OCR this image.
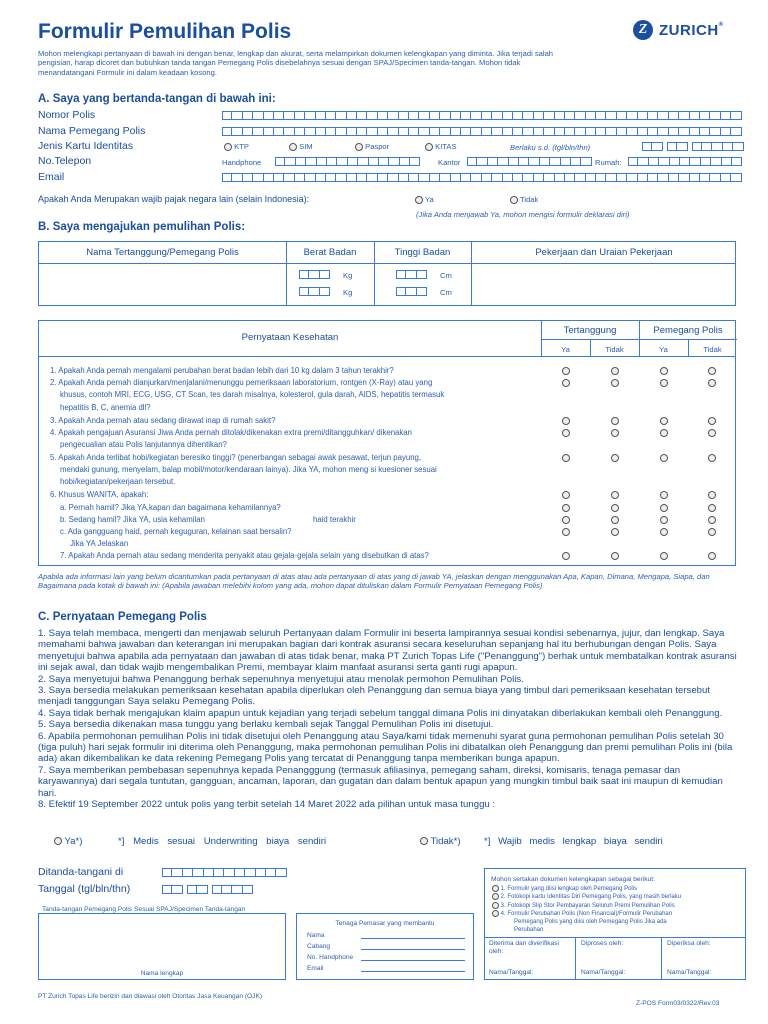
Formulir Pemulihan Polis
Mohon melengkapi pertanyaan di bawah ini dengan benar, lengkap dan akurat, serta melampirkan dokumen kelengkapan yang diminta. Jika terjadi salah pengisian, harap dicoret dan bubuhkan tanda tangan Pemegang Polis disebelahnya sesuai dengan SPAJ/Specimen tanda-tangan. Mohon tidak menandatangani Formulir ini dalam keadaan kosong.
Z ZURICH®
A. Saya yang bertanda-tangan di bawah ini:
Nomor Polis
Nama Pemegang Polis
Jenis Kartu Identitas	KTP	SIM	Paspor	KITAS	Berlaku s.d. (tgl/bln/thn)
No.Telepon	Handphone	Kantor	Rumah:
Email
Apakah Anda Merupakan wajib pajak negara lain (selain Indonesia):	Ya	Tidak
(Jika Anda menjawab Ya, mohon mengisi formulir deklarasi diri)
B. Saya mengajukan pemulihan Polis:
Nama Tertanggung/Pemegang Polis	Berat Badan	Tinggi Badan	Pekerjaan dan Uraian Pekerjaan
Kg
Kg
Cm
Cm
Pernyataan Kesehatan
Tertanggung	Pemegang Polis
Ya	Tidak	Ya	Tidak
1. Apakah Anda pernah mengalami perubahan berat badan lebih dari 10 kg dalam 3 tahun terakhir?
2. Apakah Anda pernah dianjurkan/menjalani/menunggu pemeriksaan laboratorium, rontgen (X-Ray) atau yang
khusus, contoh MRI, ECG, USG, CT Scan, tes darah misalnya, kolesterol, gula darah, AIDS, hepatitis termasuk
hepatitis B, C, anemia dll?
3. Apakah Anda pernah atau sedang dirawat inap di rumah sakit?
4. Apakah pengajuan Asuransi Jiwa Anda pernah ditolak/dikenakan extra premi/ditangguhkan/ dikenakan
pengecualian atau Polis lanjutannya dihentikan?
5. Apakah Anda terlibat hobi/kegiatan beresiko tinggi? (penerbangan sebagai awak pesawat, terjun payung,
mendaki gunung, menyelam, balap mobil/motor/kendaraan lainya). Jika YA, mohon meng si kuesioner sesuai
hobi/kegiatan/pekerjaan tersebut.
6. Khusus WANITA, apakah:
a. Pernah hamil? Jika YA,kapan dan bagaimana kehamilannya?
b. Sedang hamil? Jika YA, usia kehamilan	haid terakhir
c. Ada gangguang haid, pernah keguguran, kelainan saat bersalin?
Jika YA Jelaskan
7. Apakah Anda pernah atau sedang menderita penyakit atau gejala-gejala selain yang disebutkan di atas?
Apabila ada informasi lain yang belum dicantumkan pada pertanyaan di atas atau ada pertanyaan di atas yang di jawab YA, jelaskan dengan menggunakan Apa, Kapan, Dimana, Mengapa, Siapa, dan Bagaimana pada kotak di bawah ini: (Apabila jawaban melebihi kolom yang ada, mohon dapat dituliskan dalam Formulir Pernyataan Pemegang Polis)
C. Pernyataan Pemegang Polis
1. Saya telah membaca, mengerti dan menjawab seluruh Pertanyaan dalam Formulir ini beserta lampirannya sesuai kondisi sebenarnya, jujur, dan lengkap. Saya memahami bahwa jawaban dan keterangan ini merupakan bagian dari kontrak asuransi secara keseluruhan sepanjang hal itu berhubungan dengan Polis. Saya menyetujui bahwa apabila ada pernyataan dan jawaban di atas tidak benar, maka PT Zurich Topas Life ("Penanggung") berhak untuk membatalkan kontrak asuransi ini sejak awal, dan tidak wajib mengembalikan Premi, membayar klaim manfaat asuransi serta ganti rugi apapun.
2. Saya menyetujui bahwa Penanggung berhak sepenuhnya menyetujui atau menolak permohon Pemulihan Polis.
3. Saya bersedia melakukan pemeriksaan kesehatan apabila diperlukan oleh Penanggung dan semua biaya yang timbul dari pemeriksaan kesehatan tersebut menjadi tanggungan Saya selaku Pemegang Polis.
4. Saya tidak berhak mengajukan klaim apapun untuk kejadian yang terjadi sebelum tanggal dimana Polis ini dinyatakan diberlakukan kembali oleh Penanggung.
5. Saya bersedia dikenakan masa tunggu yang berlaku kembali sejak Tanggal Pemulihan Polis ini disetujui.
6. Apabila permohonan pemulihan Polis ini tidak disetujui oleh Penanggung atau Saya/kami tidak memenuhi syarat guna permohonan pemulihan Polis setelah 30 (tiga puluh) hari sejak formulir ini diterima oleh Penanggung, maka permohonan pemulihan Polis ini dibatalkan oleh Penanggung dan premi pemulihan Polis ini (bila ada) akan dikembalikan ke data rekening Pemegang Polis yang tercatat di Penanggung tanpa memberikan bunga apapun.
7. Saya memberikan pembebasan sepenuhnya kepada Penangggung (termasuk afiliasinya, pemegang saham, direksi, komisaris, tenaga pemasar dan karyawannya) dari segala tuntutan, gangguan, ancaman, laporan, dan gugatan dan dalam bentuk apapun yang mungkin timbul baik saat ini maupun di kemudian hari.
8. Efektif 19 September 2022 untuk polis yang terbit setelah 14 Maret 2022 ada pilihan untuk masa tunggu :
Ya*)	*] Medis sesuai Underwriting biaya sendiri	Tidak*) *] Wajib medis lengkap biaya sendiri
Ditanda-tangani di
Tanggal (tgl/bln/thn)
Tanda-tangan Pemegang Polis Sesuai SPAJ/Specimen Tanda-tangan
Nama lengkap
Tenaga Pemasar yang membantu
Nama
Cabang
No. Handphone
Email
Mohon sertakan dokumen kelengkapan sebagai berikut:
1. Formulir yang diisi lengkap oleh Pemegang Polis
2. Fotokopi kartu Identitas Diri Pemegang Polis, yang masih berlaku
3. Fotokopi Slip Stor Pembayaran Seluruh Premi Pemulihan Polis
4. Formulir Perubahan Polis (Non Financial)/Formulir Perubahan
Pemegang Polis yang diisi oleh Pemegang Polis Jika ada
Perubahan
Diterima dan diverifikasi oleh:
Diproses oleh:	Diperiksa oleh:
Nama/Tanggal:	Nama/Tanggal:	Nama/Tanggal:
PT Zurich Topas Life berizin dan diawasi oleh Otoritas Jasa Keuangan (OJK)
Z-POS Form03/0322/Rev.03
